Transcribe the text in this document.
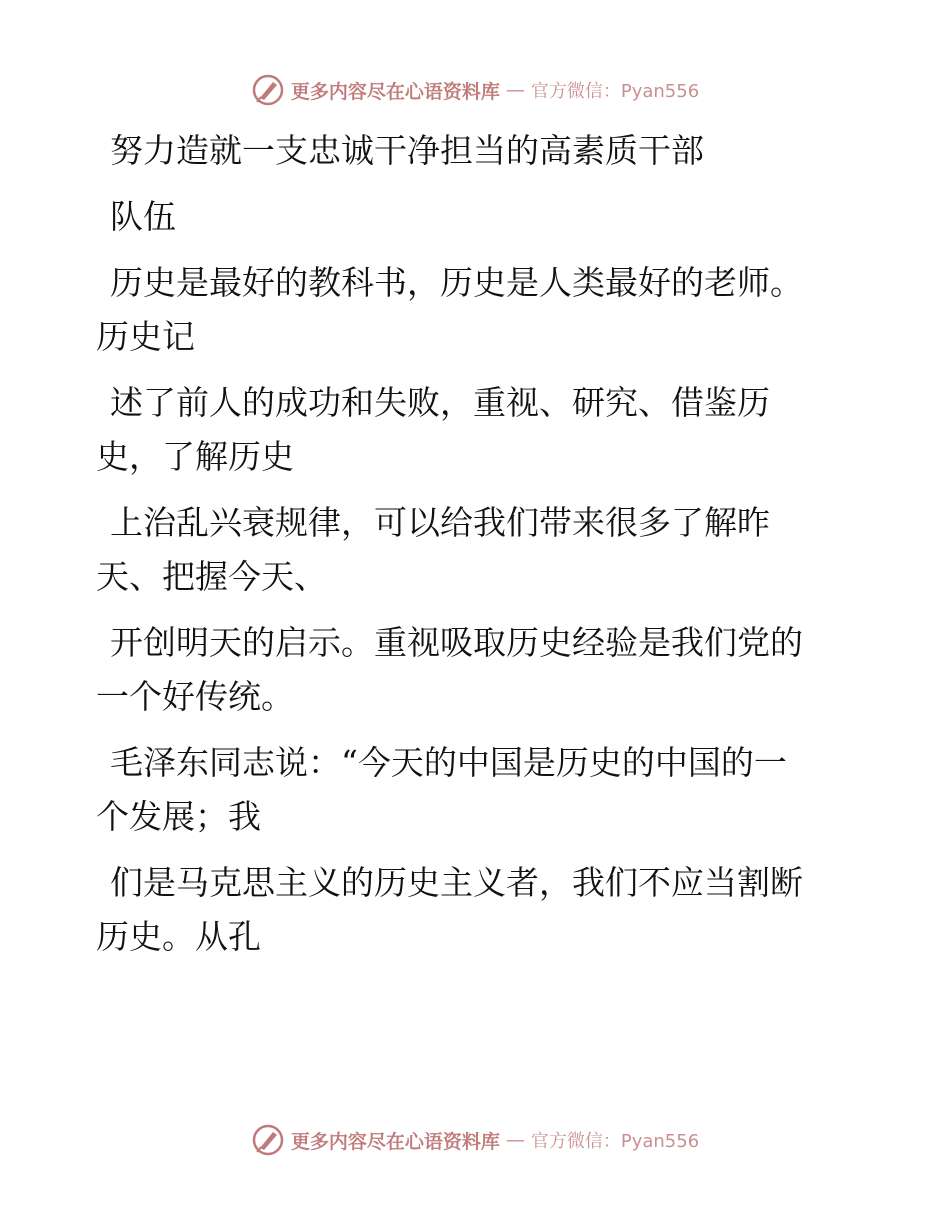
更多内容尽在心语资料库 — 官方微信：Pyan556

努力造就一支忠诚干净担当的高素质干部

队伍

历史是最好的教科书，历史是人类最好的老师。
历史记

述了前人的成功和失败，重视、研究、借鉴历
史，了解历史

上治乱兴衰规律，可以给我们带来很多了解昨
天、把握今天、

开创明天的启示。重视吸取历史经验是我们党的
一个好传统。

毛泽东同志说：“今天的中国是历史的中国的一
个发展；我

们是马克思主义的历史主义者，我们不应当割断
历史。从孔

更多内容尽在心语资料库 — 官方微信：Pyan556
